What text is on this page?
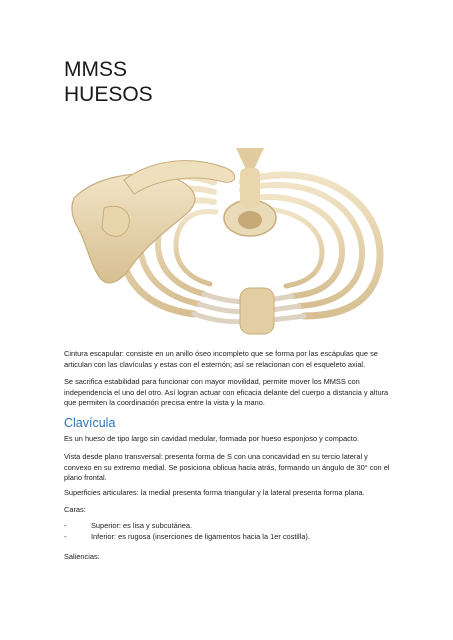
MMSS
HUESOS

Cintura escapular: consiste en un anillo óseo incompleto que se forma por las escápulas que se articulan con las clavículas y estas con el esternón; así se relacionan con el esqueleto axial.

Se sacrifica estabilidad para funcionar con mayor movilidad, permite mover los MMSS con independencia el uno del otro. Así logran actuar con eficacia delante del cuerpo a distancia y altura que permiten la coordinación precisa entre la vista y la mano.

Clavícula

Es un hueso de tipo largo sin cavidad medular, formada por hueso esponjoso y compacto.

Vista desde plano transversal: presenta forma de S con una concavidad en su tercio lateral y convexo en su extremo medial. Se posiciona oblicua hacia atrás, formando un ángulo de 30° con el plano frontal.

Superficies articulares: la medial presenta forma triangular y la lateral presenta forma plana.

Caras:

-	Superior: es lisa y subcutánea.
-	Inferior: es rugosa (inserciones de ligamentos hacia la 1er costilla).

Saliencias:
